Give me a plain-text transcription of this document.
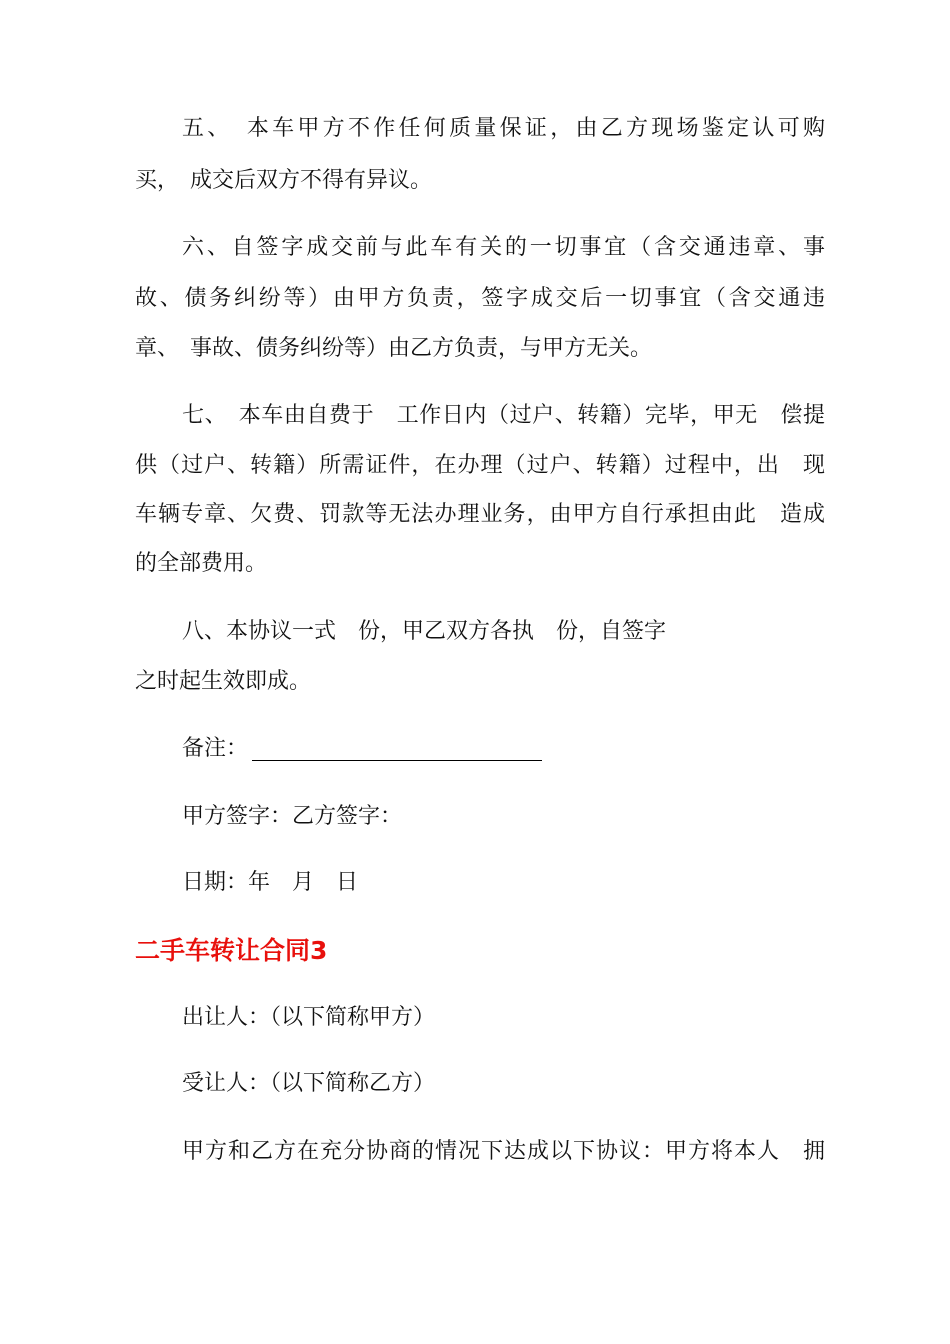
五、　本车甲方不作任何质量保证，由乙方现场鉴定认可购
买，　成交后双方不得有异议。
六、自签字成交前与此车有关的一切事宜（含交通违章、事
故、债务纠纷等）由甲方负责，签字成交后一切事宜（含交通违
章、　事故、债务纠纷等）由乙方负责，与甲方无关。
七、　本车由自费于　工作日内（过户、转籍）完毕，甲无　偿提
供（过户、转籍）所需证件，在办理（过户、转籍）过程中，出　现
车辆专章、欠费、罚款等无法办理业务，由甲方自行承担由此　造成
的全部费用。
八、本协议一式　份，甲乙双方各执　份，自签字
之时起生效即成。
备注：
甲方签字：乙方签字：
日期：年　月　日
二手车转让合同3
出让人：（以下简称甲方）
受让人：（以下简称乙方）
甲方和乙方在充分协商的情况下达成以下协议：甲方将本人　拥
